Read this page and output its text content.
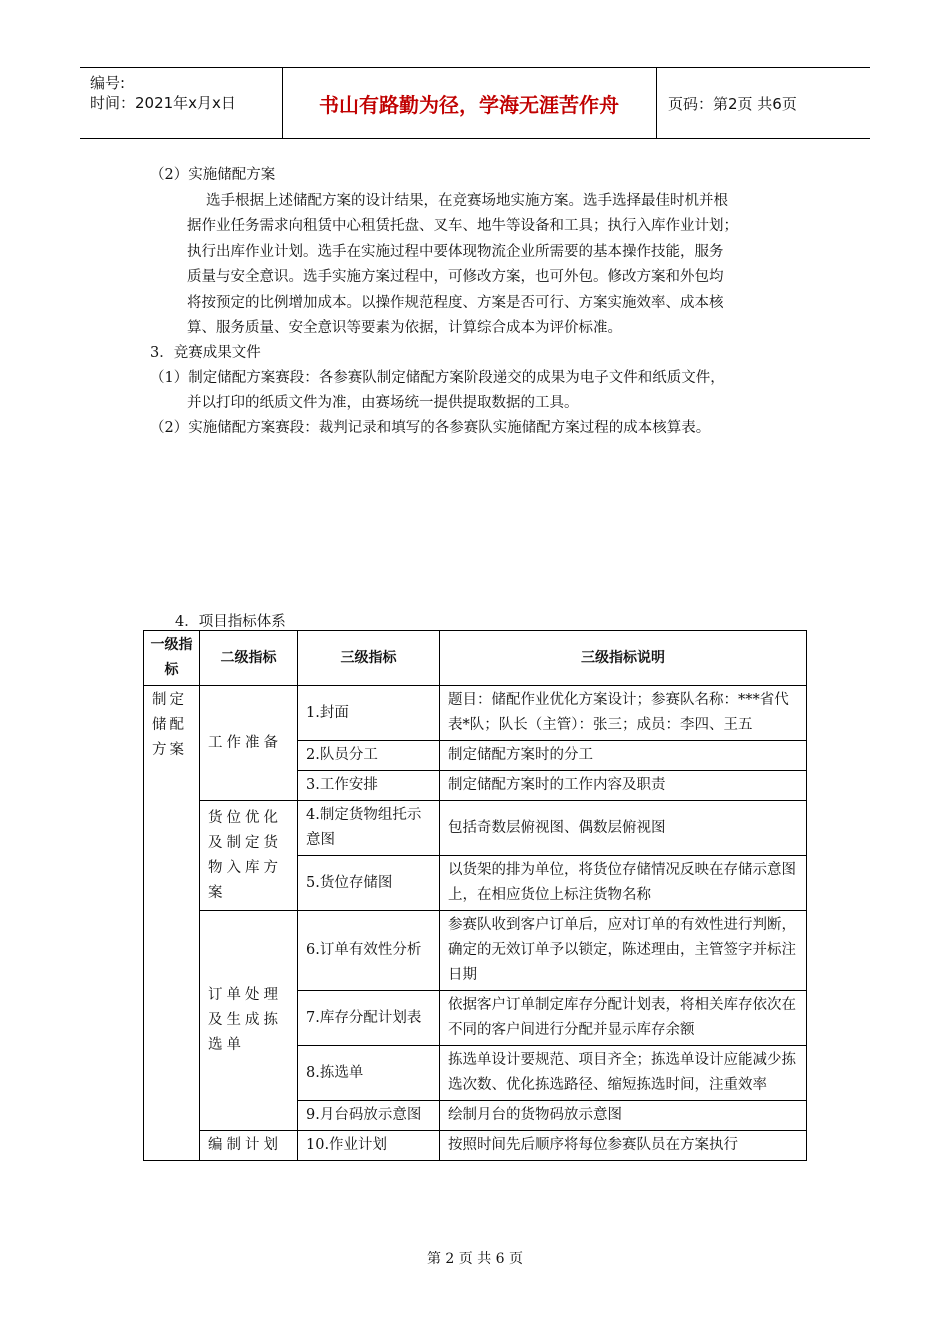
编号:
时间：2021年x月x日	书山有路勤为径，学海无涯苦作舟	页码：第2页 共6页
（2）实施储配方案
选手根据上述储配方案的设计结果，在竞赛场地实施方案。选手选择最佳时机并根
据作业任务需求向租赁中心租赁托盘、叉车、地牛等设备和工具；执行入库作业计划；
执行出库作业计划。选手在实施过程中要体现物流企业所需要的基本操作技能，服务
质量与安全意识。选手实施方案过程中，可修改方案，也可外包。修改方案和外包均
将按预定的比例增加成本。以操作规范程度、方案是否可行、方案实施效率、成本核
算、服务质量、安全意识等要素为依据，计算综合成本为评价标准。
3．竞赛成果文件
（1）制定储配方案赛段：各参赛队制定储配方案阶段递交的成果为电子文件和纸质文件，
并以打印的纸质文件为准，由赛场统一提供提取数据的工具。
（2）实施储配方案赛段：裁判记录和填写的各参赛队实施储配方案过程的成本核算表。
4．项目指标体系
一级指标	二级指标	三级指标	三级指标说明
制定储配方案	工作准备	1.封面	题目：储配作业优化方案设计；参赛队名称：***省代表*队；队长（主管）：张三；成员：李四、王五
		2.队员分工	制定储配方案时的分工
		3.工作安排	制定储配方案时的工作内容及职责
	货位优化及制定货物入库方案	4.制定货物组托示意图	包括奇数层俯视图、偶数层俯视图
		5.货位存储图	以货架的排为单位，将货位存储情况反映在存储示意图上，在相应货位上标注货物名称
	订单处理及生成拣选单	6.订单有效性分析	参赛队收到客户订单后，应对订单的有效性进行判断，确定的无效订单予以锁定，陈述理由，主管签字并标注日期
		7.库存分配计划表	依据客户订单制定库存分配计划表，将相关库存依次在不同的客户间进行分配并显示库存余额
		8.拣选单	拣选单设计要规范、项目齐全；拣选单设计应能减少拣选次数、优化拣选路径、缩短拣选时间，注重效率
		9.月台码放示意图	绘制月台的货物码放示意图
	编制计划	10.作业计划	按照时间先后顺序将每位参赛队员在方案执行
第 2 页 共 6 页
